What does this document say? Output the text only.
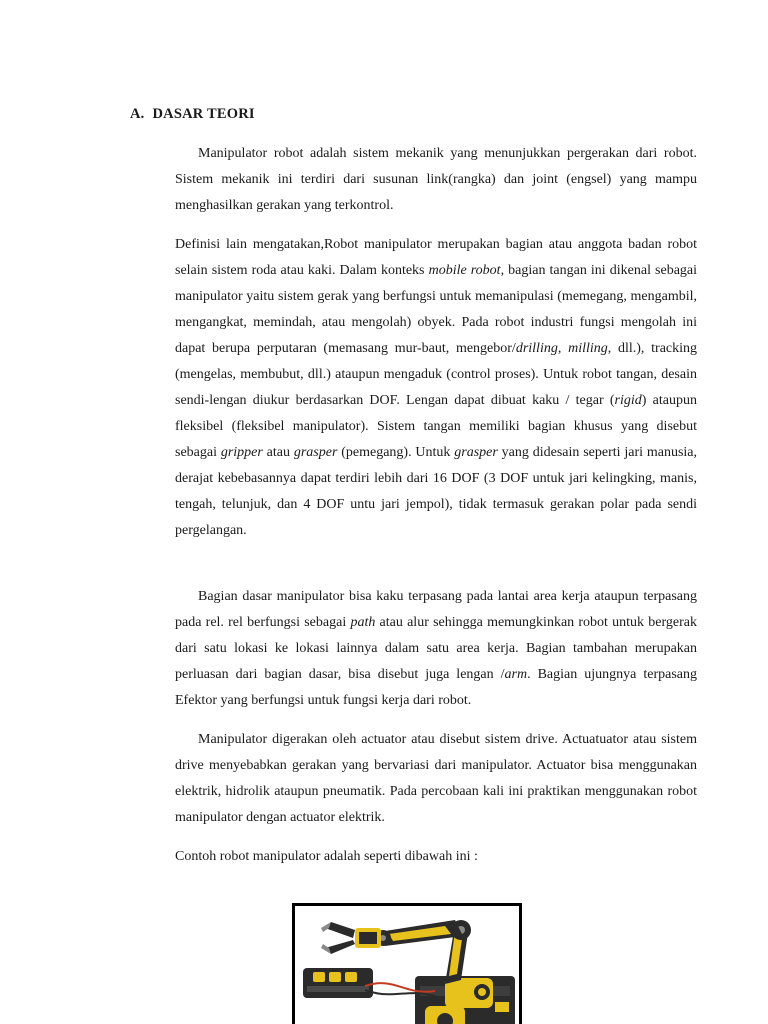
A. DASAR TEORI

Manipulator robot adalah sistem mekanik yang menunjukkan pergerakan dari robot. Sistem mekanik ini terdiri dari susunan link(rangka) dan joint (engsel) yang mampu menghasilkan gerakan yang terkontrol.

Definisi lain mengatakan,Robot manipulator merupakan bagian atau anggota badan robot selain sistem roda atau kaki. Dalam konteks mobile robot, bagian tangan ini dikenal sebagai manipulator yaitu sistem gerak yang berfungsi untuk memanipulasi (memegang, mengambil, mengangkat, memindah, atau mengolah) obyek. Pada robot industri fungsi mengolah ini dapat berupa perputaran (memasang mur-baut, mengebor/drilling, milling, dll.), tracking (mengelas, membubut, dll.) ataupun mengaduk (control proses). Untuk robot tangan, desain sendi-lengan diukur berdasarkan DOF. Lengan dapat dibuat kaku / tegar (rigid) ataupun fleksibel (fleksibel manipulator). Sistem tangan memiliki bagian khusus yang disebut sebagai gripper atau grasper (pemegang). Untuk grasper yang didesain seperti jari manusia, derajat kebebasannya dapat terdiri lebih dari 16 DOF (3 DOF untuk jari kelingking, manis, tengah, telunjuk, dan 4 DOF untu jari jempol), tidak termasuk gerakan polar pada sendi pergelangan.

Bagian dasar manipulator bisa kaku terpasang pada lantai area kerja ataupun terpasang pada rel. rel berfungsi sebagai path atau alur sehingga memungkinkan robot untuk bergerak dari satu lokasi ke lokasi lainnya dalam satu area kerja. Bagian tambahan merupakan perluasan dari bagian dasar, bisa disebut juga lengan /arm. Bagian ujungnya terpasang Efektor yang berfungsi untuk fungsi kerja dari robot.

Manipulator digerakan oleh actuator atau disebut sistem drive. Actuatuator atau sistem drive menyebabkan gerakan yang bervariasi dari manipulator. Actuator bisa menggunakan elektrik, hidrolik ataupun pneumatik. Pada percobaan kali ini praktikan menggunakan robot manipulator dengan actuator elektrik.

Contoh robot manipulator adalah seperti dibawah ini :
